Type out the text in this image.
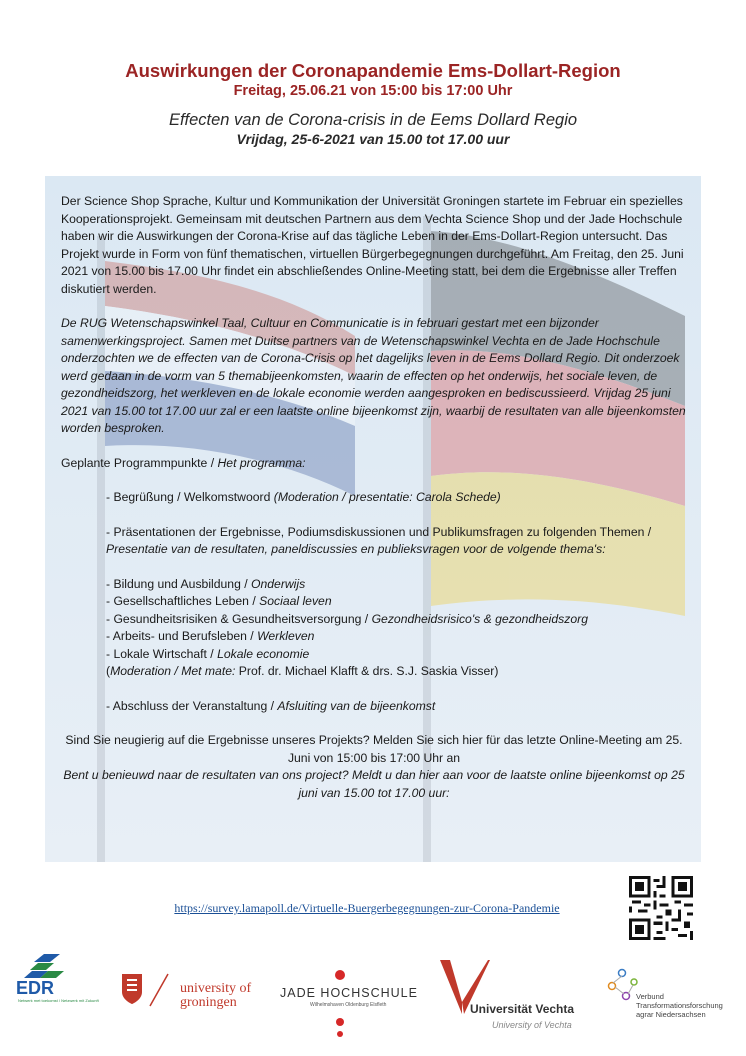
Auswirkungen der Coronapandemie Ems-Dollart-Region
Freitag, 25.06.21 von 15:00 bis 17:00 Uhr
Effecten van de Corona-crisis in de Eems Dollard Regio
Vrijdag, 25-6-2021 van 15.00 tot 17.00 uur

Der Science Shop Sprache, Kultur und Kommunikation der Universität Groningen startete im Februar ein spezielles Kooperationsprojekt. Gemeinsam mit deutschen Partnern aus dem Vechta Science Shop und der Jade Hochschule haben wir die Auswirkungen der Corona-Krise auf das tägliche Leben in der Ems-Dollart-Region untersucht. Das Projekt wurde in Form von fünf thematischen, virtuellen Bürgerbegegnungen durchgeführt. Am Freitag, den 25. Juni 2021 von 15.00 bis 17.00 Uhr findet ein abschließendes Online-Meeting statt, bei dem die Ergebnisse aller Treffen diskutiert werden.

De RUG Wetenschapswinkel Taal, Cultuur en Communicatie is in februari gestart met een bijzonder samenwerkingsproject. Samen met Duitse partners van de Wetenschapswinkel Vechta en de Jade Hochschule onderzochten we de effecten van de Corona-Crisis op het dagelijks leven in de Eems Dollard Regio. Dit onderzoek werd gedaan in de vorm van 5 themabijeenkomsten, waarin de effecten op het onderwijs, het sociale leven, de gezondheidszorg, het werkleven en de lokale economie werden aangesproken en bediscussieerd. Vrijdag 25 juni 2021 van 15.00 tot 17.00 uur zal er een laatste online bijeenkomst zijn, waarbij de resultaten van alle bijeenkomsten worden besproken.

Geplante Programmpunkte / Het programma:

- Begrüßung / Welkomstwoord (Moderation / presentatie: Carola Schede)

- Präsentationen der Ergebnisse, Podiumsdiskussionen und Publikumsfragen zu folgenden Themen / Presentatie van de resultaten, paneldiscussies en publieksvragen voor de volgende thema's:

- Bildung und Ausbildung / Onderwijs

- Gesellschaftliches Leben / Sociaal leven

- Gesundheitsrisiken & Gesundheitsversorgung / Gezondheidsrisico's & gezondheidszorg

- Arbeits- und Berufsleben / Werkleven

- Lokale Wirtschaft / Lokale economie

(Moderation / Met mate: Prof. dr. Michael Klafft & drs. S.J. Saskia Visser)

- Abschluss der Veranstaltung / Afsluiting van de bijeenkomst

Sind Sie neugierig auf die Ergebnisse unseres Projekts? Melden Sie sich hier für das letzte Online-Meeting am 25. Juni von 15:00 bis 17:00 Uhr an

Bent u benieuwd naar de resultaten van ons project? Meldt u dan hier aan voor de laatste online bijeenkomst op 25 juni van 15.00 tot 17.00 uur:

https://survey.lamapoll.de/Virtuelle-Buergerbegegnungen-zur-Corona-Pandemie
EDR
Netwerk met toekomst / Netzwerk mit Zukunft
university of
groningen
JADE HOCHSCHULE
Wilhelmshaven Oldenburg Elsfleth	Universität Vechta
University of Vechta
Verbund
Transformationsforschung
agrar Niedersachsen
